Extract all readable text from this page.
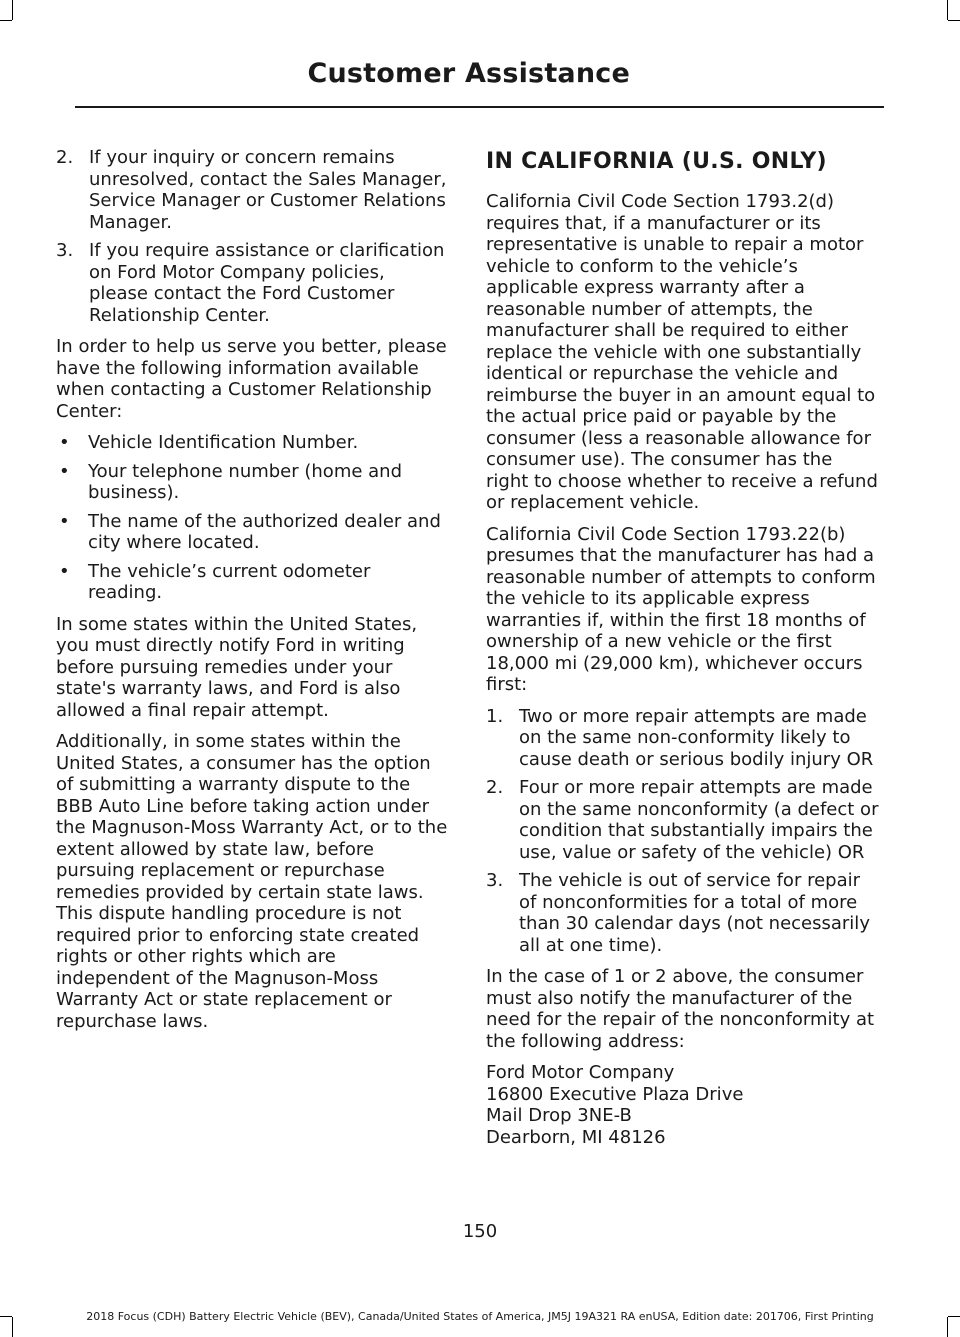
Customer Assistance
2. If your inquiry or concern remains unresolved, contact the Sales Manager, Service Manager or Customer Relations Manager.
3. If you require assistance or clarification on Ford Motor Company policies, please contact the Ford Customer Relationship Center.

In order to help us serve you better, please have the following information available when contacting a Customer Relationship Center:

• Vehicle Identification Number.
• Your telephone number (home and business).
• The name of the authorized dealer and city where located.
• The vehicle’s current odometer reading.

In some states within the United States, you must directly notify Ford in writing before pursuing remedies under your state's warranty laws, and Ford is also allowed a final repair attempt.

Additionally, in some states within the United States, a consumer has the option of submitting a warranty dispute to the BBB Auto Line before taking action under the Magnuson-Moss Warranty Act, or to the extent allowed by state law, before pursuing replacement or repurchase remedies provided by certain state laws. This dispute handling procedure is not required prior to enforcing state created rights or other rights which are independent of the Magnuson-Moss Warranty Act or state replacement or repurchase laws.

IN CALIFORNIA (U.S. ONLY)

California Civil Code Section 1793.2(d) requires that, if a manufacturer or its representative is unable to repair a motor vehicle to conform to the vehicle’s applicable express warranty after a reasonable number of attempts, the manufacturer shall be required to either replace the vehicle with one substantially identical or repurchase the vehicle and reimburse the buyer in an amount equal to the actual price paid or payable by the consumer (less a reasonable allowance for consumer use). The consumer has the right to choose whether to receive a refund or replacement vehicle.

California Civil Code Section 1793.22(b) presumes that the manufacturer has had a reasonable number of attempts to conform the vehicle to its applicable express warranties if, within the first 18 months of ownership of a new vehicle or the first 18,000 mi (29,000 km), whichever occurs first:

1. Two or more repair attempts are made on the same non-conformity likely to cause death or serious bodily injury OR
2. Four or more repair attempts are made on the same nonconformity (a defect or condition that substantially impairs the use, value or safety of the vehicle) OR
3. The vehicle is out of service for repair of nonconformities for a total of more than 30 calendar days (not necessarily all at one time).

In the case of 1 or 2 above, the consumer must also notify the manufacturer of the need for the repair of the nonconformity at the following address:

Ford Motor Company

16800 Executive Plaza Drive

Mail Drop 3NE-B

Dearborn, MI 48126

150
2018 Focus (CDH) Battery Electric Vehicle (BEV), Canada/United States of America, JM5J 19A321 RA enUSA, Edition date: 201706, First Printing
